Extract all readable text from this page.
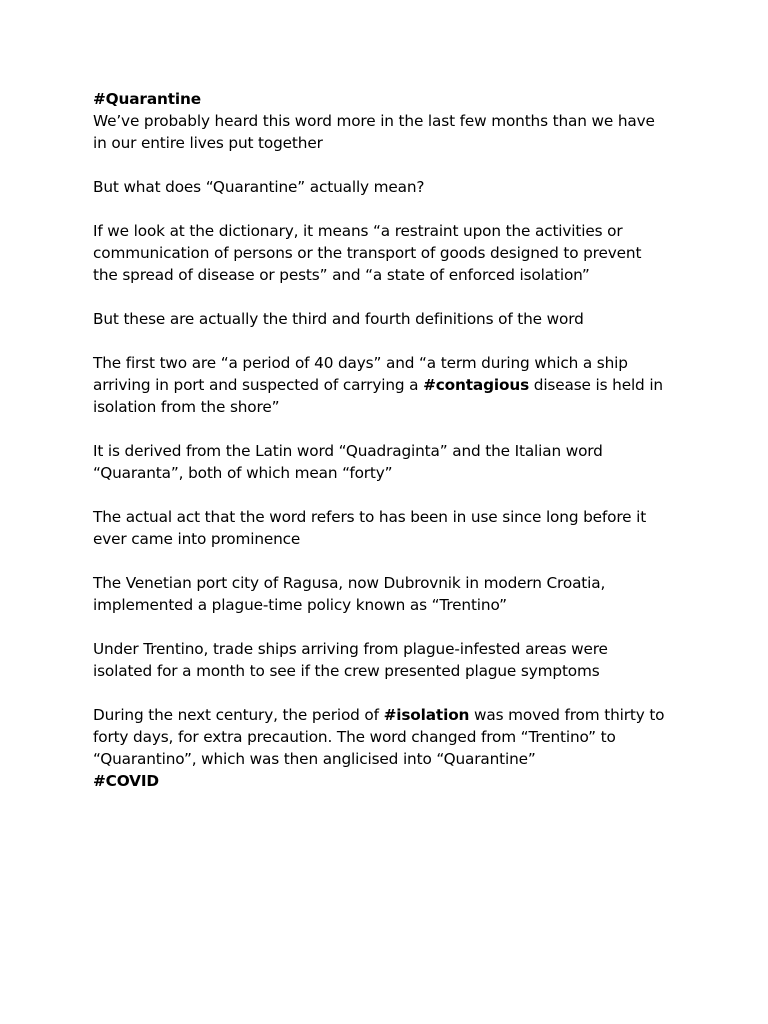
#Quarantine
We’ve probably heard this word more in the last few months than we have
in our entire lives put together
But what does “Quarantine” actually mean?
If we look at the dictionary, it means “a restraint upon the activities or
communication of persons or the transport of goods designed to prevent
the spread of disease or pests” and “a state of enforced isolation”
But these are actually the third and fourth definitions of the word
The first two are “a period of 40 days” and “a term during which a ship
arriving in port and suspected of carrying a #contagious disease is held in
isolation from the shore”
It is derived from the Latin word “Quadraginta” and the Italian word
“Quaranta”, both of which mean “forty”
The actual act that the word refers to has been in use since long before it
ever came into prominence
The Venetian port city of Ragusa, now Dubrovnik in modern Croatia,
implemented a plague-time policy known as “Trentino”
Under Trentino, trade ships arriving from plague-infested areas were
isolated for a month to see if the crew presented plague symptoms
During the next century, the period of #isolation was moved from thirty to
forty days, for extra precaution. The word changed from “Trentino” to
“Quarantino”, which was then anglicised into “Quarantine”
#COVID
